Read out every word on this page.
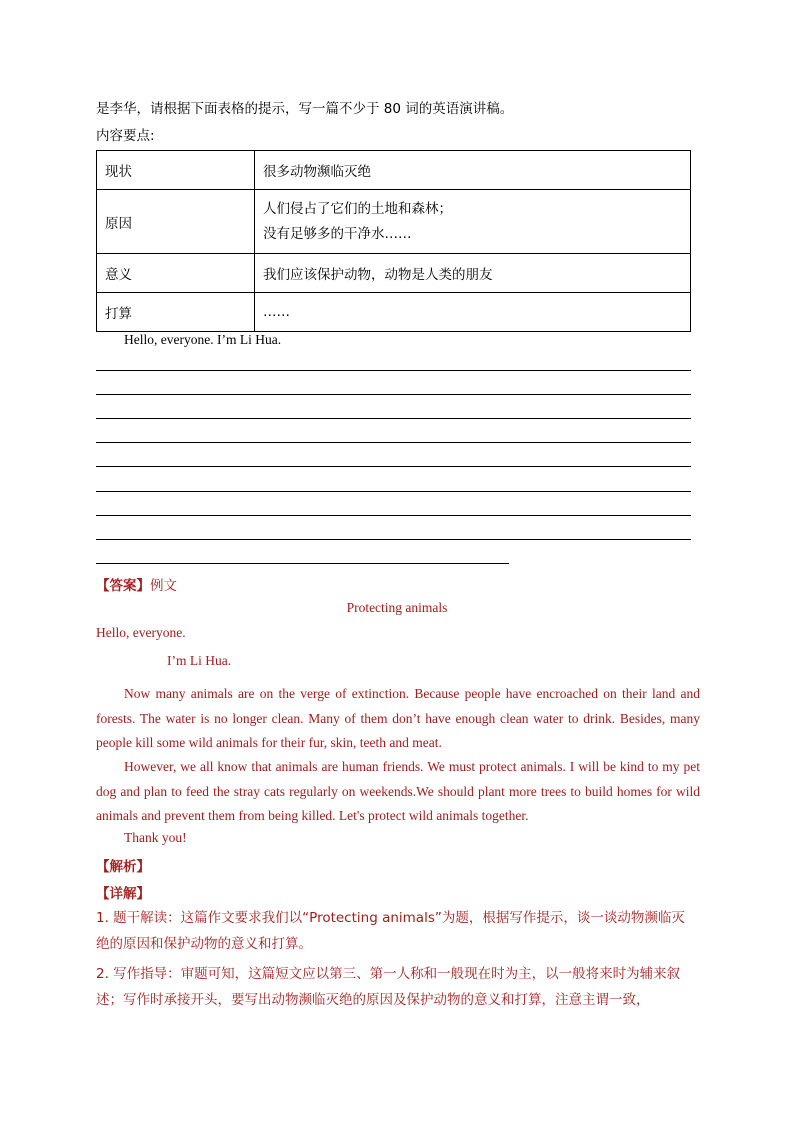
是李华，请根据下面表格的提示，写一篇不少于 80 词的英语演讲稿。
内容要点:
现状	很多动物濒临灭绝
原因	人们侵占了它们的土地和森林；
没有足够多的干净水……

意义	我们应该保护动物，动物是人类的朋友
打算	……
Hello, everyone. I’m Li Hua.
【答案】例文
Protecting animals
Hello, everyone.
I’m Li Hua.
Now many animals are on the verge of extinction. Because people have encroached on their land and forests. The water is no longer clean. Many of them don’t have enough clean water to drink. Besides, many people kill some wild animals for their fur, skin, teeth and meat.
However, we all know that animals are human friends. We must protect animals. I will be kind to my pet dog and plan to feed the stray cats regularly on weekends.We should plant more trees to build homes for wild animals and prevent them from being killed. Let's protect wild animals together.
Thank you!
【解析】
【详解】
1. 题干解读：这篇作文要求我们以“Protecting animals”为题，根据写作提示，谈一谈动物濒临灭绝的原因和保护动物的意义和打算。
2. 写作指导：审题可知，这篇短文应以第三、第一人称和一般现在时为主，以一般将来时为辅来叙述；写作时承接开头，要写出动物濒临灭绝的原因及保护动物的意义和打算，注意主谓一致，
